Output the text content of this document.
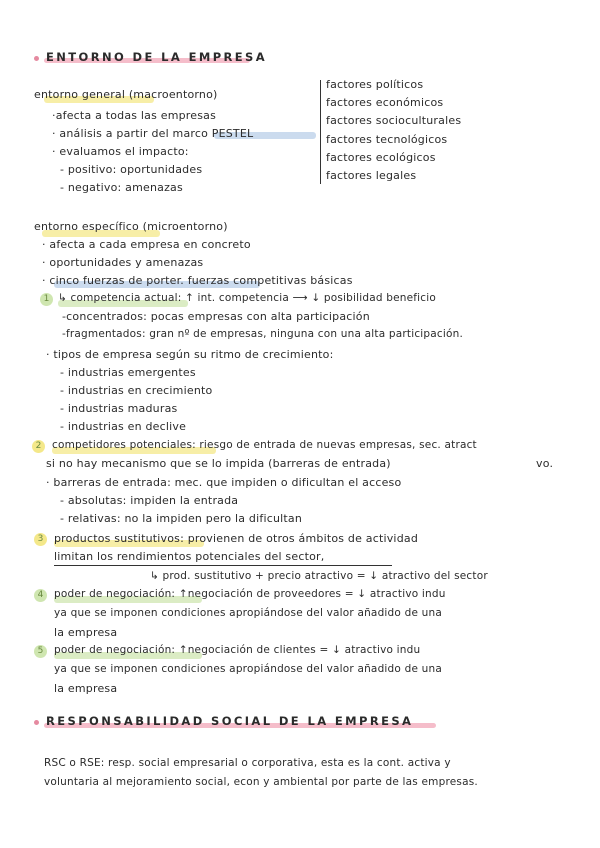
ENTORNO DE LA EMPRESA
entorno general (macroentorno)
·afecta a todas las empresas
· análisis a partir del marco PESTEL
· evaluamos el impacto:
- positivo: oportunidades
- negativo: amenazas
factores políticos
factores económicos
factores socioculturales
factores tecnológicos
factores ecológicos
factores legales
entorno específico (microentorno)
· afecta a cada empresa en concreto
· oportunidades y amenazas
· cinco fuerzas de porter. fuerzas competitivas básicas
1 ↳ competencia actual: ↑ int. competencia ⟶ ↓ posibilidad beneficio
-concentrados: pocas empresas con alta participación
-fragmentados: gran nº de empresas, ninguna con una alta participación.
· tipos de empresa según su ritmo de crecimiento:
- industrias emergentes
- industrias en crecimiento
- industrias maduras
- industrias en declive
2	competidores potenciales: riesgo de entrada de nuevas empresas, sec. atract
si no hay mecanismo que se lo impida (barreras de entrada)	vo.
· barreras de entrada: mec. que impiden o dificultan el acceso
- absolutas: impiden la entrada
- relativas: no la impiden pero la dificultan
3 productos sustitutivos: provienen de otros ámbitos de actividad
limitan los rendimientos potenciales del sector,
↳ prod. sustitutivo + precio atractivo = ↓ atractivo del sector
4	poder de negociación: ↑negociación de proveedores = ↓ atractivo indu
ya que se imponen condiciones apropiándose del valor añadido de una
la empresa
5	poder de negociación: ↑negociación de clientes = ↓ atractivo indu
ya que se imponen condiciones apropiándose del valor añadido de una
la empresa
RESPONSABILIDAD SOCIAL DE LA EMPRESA
RSC o RSE: resp. social empresarial o corporativa, esta es la cont. activa y
voluntaria al mejoramiento social, econ y ambiental por parte de las empresas.
